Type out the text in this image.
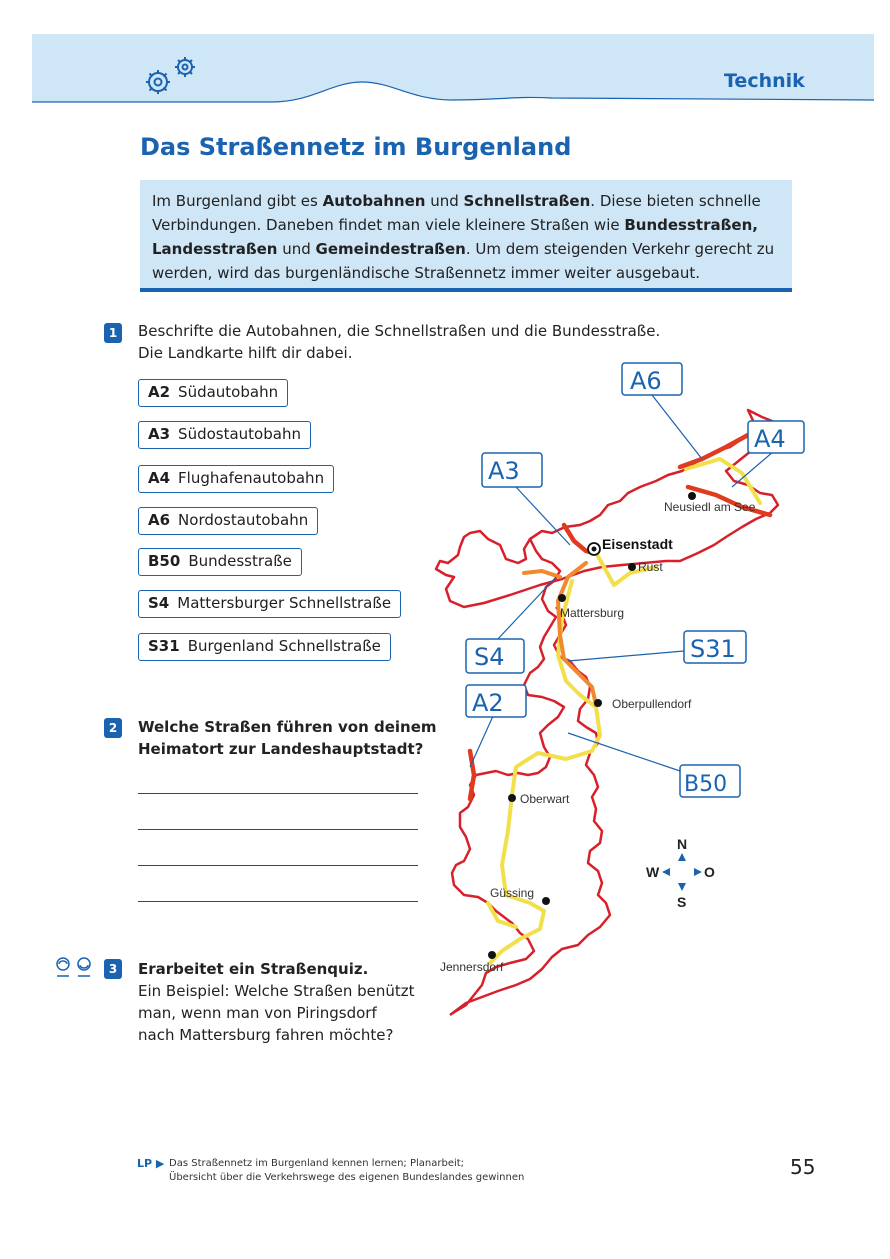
Technik
Das Straßennetz im Burgenland
Im Burgenland gibt es Autobahnen und Schnellstraßen. Diese bieten schnelle Verbindungen. Daneben findet man viele kleinere Straßen wie Bundesstraßen, Landesstraßen und Gemeindestraßen. Um dem steigenden Verkehr gerecht zu werden, wird das burgenländische Straßennetz immer weiter ausgebaut.
1	Beschrifte die Autobahnen, die Schnellstraßen und die Bundesstraße.
Die Landkarte hilft dir dabei.
A2 Südautobahn
A3 Südostautobahn
A4 Flughafenautobahn
A6 Nordostautobahn
B50 Bundesstraße
S4 Mattersburger Schnellstraße
S31 Burgenland Schnellstraße
2	Welche Straßen führen von deinem
Heimatort zur Landeshauptstadt?
3	Erarbeitet ein Straßenquiz.
Ein Beispiel: Welche Straßen benützt
man, wenn man von Piringsdorf
nach Mattersburg fahren möchte?
Eisenstadt
Rust
Neusiedl am See
Mattersburg
Oberpullendorf
Oberwart
Güssing
Jennersdorf
A6
A4
A3
S4	S31
A2
B50
N
S
W	O
LP ▶ Das Straßennetz im Burgenland kennen lernen; Planarbeit;
Übersicht über die Verkehrswege des eigenen Bundeslandes gewinnen	55
